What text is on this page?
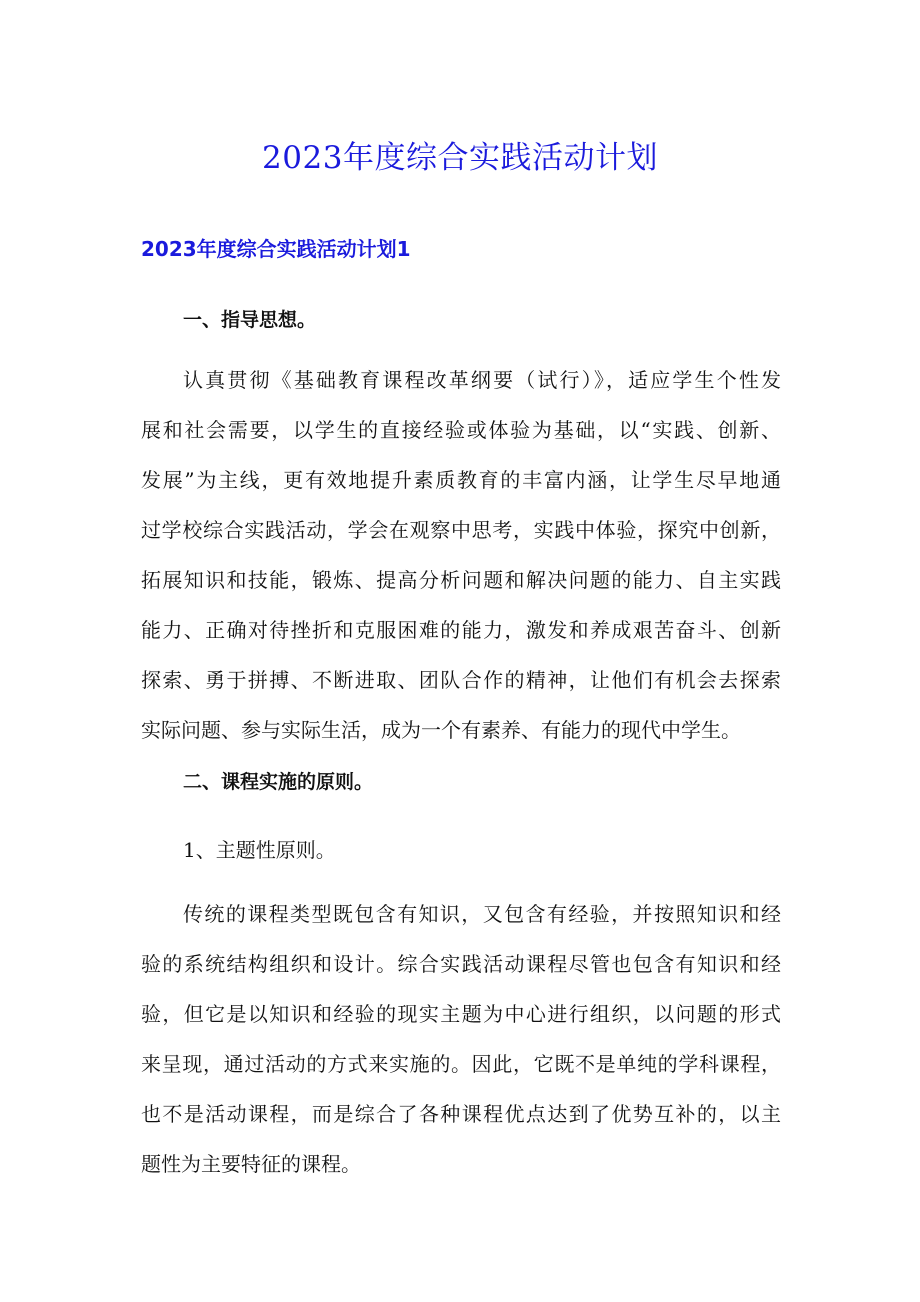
2023年度综合实践活动计划
2023年度综合实践活动计划1
一、指导思想。
认真贯彻《基础教育课程改革纲要（试行）》，适应学生个性发
展和社会需要，以学生的直接经验或体验为基础，以“实践、创新、
发展”为主线，更有效地提升素质教育的丰富内涵，让学生尽早地通
过学校综合实践活动，学会在观察中思考，实践中体验，探究中创新，
拓展知识和技能，锻炼、提高分析问题和解决问题的能力、自主实践
能力、正确对待挫折和克服困难的能力，激发和养成艰苦奋斗、创新
探索、勇于拼搏、不断进取、团队合作的精神，让他们有机会去探索
实际问题、参与实际生活，成为一个有素养、有能力的现代中学生。
二、课程实施的原则。
1、主题性原则。
传统的课程类型既包含有知识，又包含有经验，并按照知识和经
验的系统结构组织和设计。综合实践活动课程尽管也包含有知识和经
验，但它是以知识和经验的现实主题为中心进行组织，以问题的形式
来呈现，通过活动的方式来实施的。因此，它既不是单纯的学科课程，
也不是活动课程，而是综合了各种课程优点达到了优势互补的，以主
题性为主要特征的课程。
